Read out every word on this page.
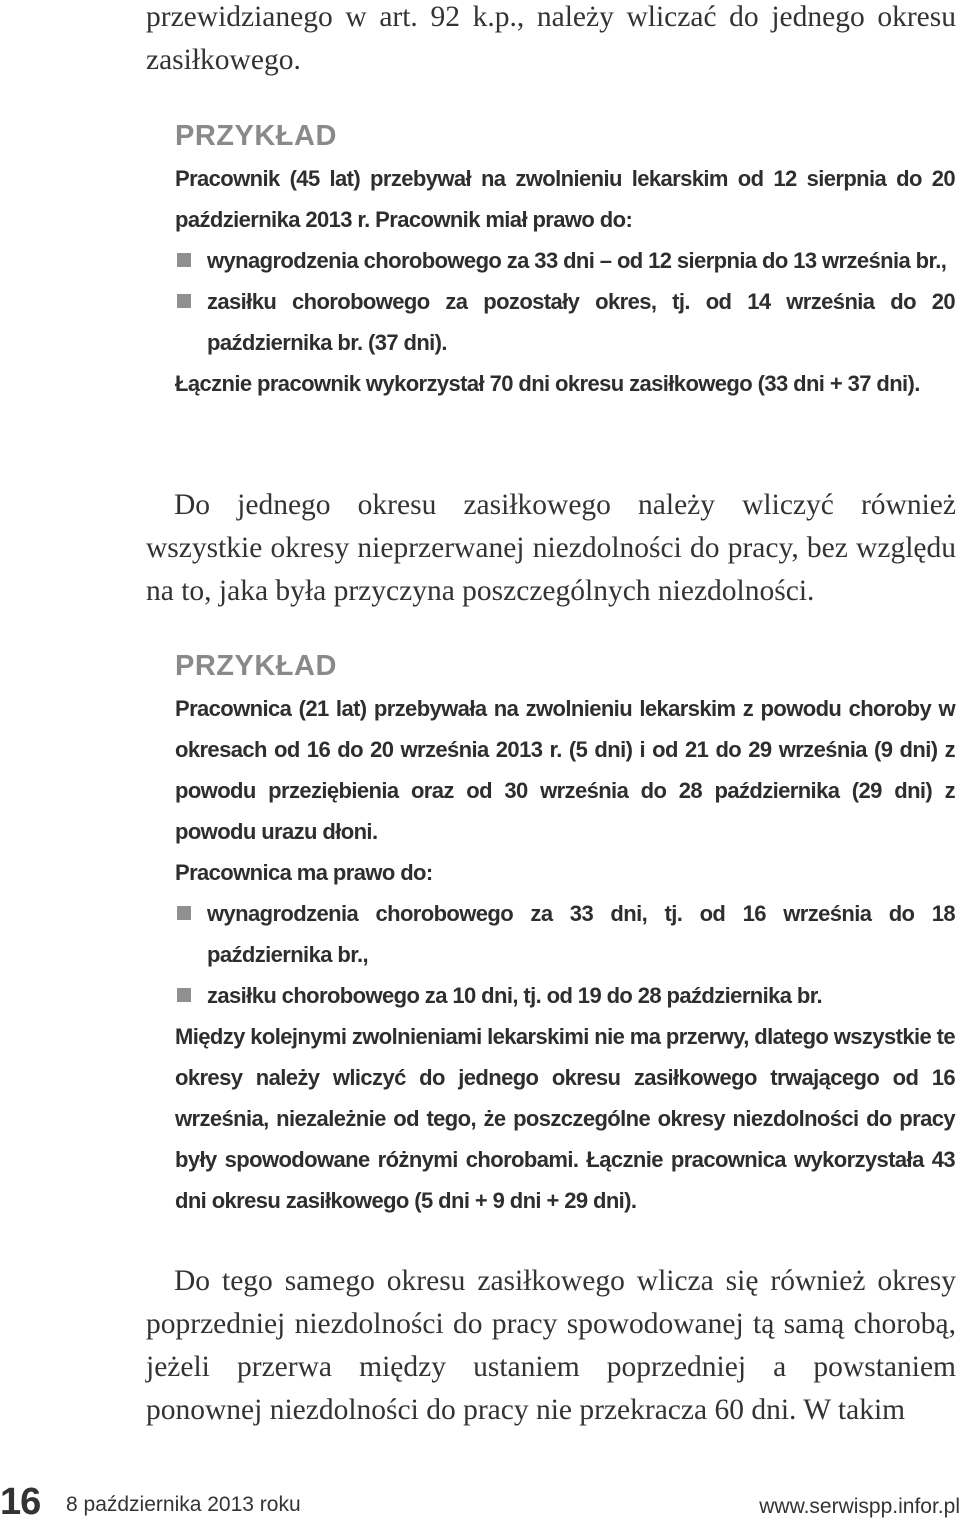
przewidzianego w art. 92 k.p., należy wliczać do jednego okresu zasiłkowego.

PRZYKŁAD

Pracownik (45 lat) przebywał na zwolnieniu lekarskim od 12 sierpnia do 20 października 2013 r. Pracownik miał prawo do:

wynagrodzenia chorobowego za 33 dni – od 12 sierpnia do 13 września br.,

zasiłku chorobowego za pozostały okres, tj. od 14 września do 20 października br. (37 dni).

Łącznie pracownik wykorzystał 70 dni okresu zasiłkowego (33 dni + 37 dni).

Do jednego okresu zasiłkowego należy wliczyć również wszystkie okresy nieprzerwanej niezdolności do pracy, bez względu na to, jaka była przyczyna poszczególnych niezdolności.

PRZYKŁAD

Pracownica (21 lat) przebywała na zwolnieniu lekarskim z powodu choroby w okresach od 16 do 20 września 2013 r. (5 dni) i od 21 do 29 września (9 dni) z powodu przeziębienia oraz od 30 września do 28 października (29 dni) z powodu urazu dłoni.

Pracownica ma prawo do:

wynagrodzenia chorobowego za 33 dni, tj. od 16 września do 18 października br.,

zasiłku chorobowego za 10 dni, tj. od 19 do 28 października br.

Między kolejnymi zwolnieniami lekarskimi nie ma przerwy, dlatego wszystkie te okresy należy wliczyć do jednego okresu zasiłkowego trwającego od 16 września, niezależnie od tego, że poszczególne okresy niezdolności do pracy były spowodowane różnymi chorobami. Łącznie pracownica wykorzystała 43 dni okresu zasiłkowego (5 dni + 9 dni + 29 dni).

Do tego samego okresu zasiłkowego wlicza się również okresy poprzedniej niezdolności do pracy spowodowanej tą samą chorobą, jeżeli przerwa między ustaniem poprzedniej a powstaniem ponownej niezdolności do pracy nie przekracza 60 dni. W takim

16 8 października 2013 roku	www.serwispp.infor.pl
